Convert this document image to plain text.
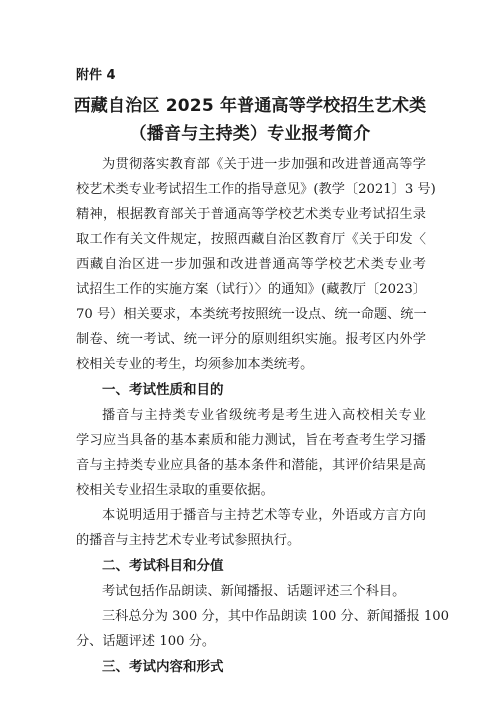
附件 4
西藏自治区 2025 年普通高等学校招生艺术类
（播音与主持类）专业报考简介
为贯彻落实教育部《关于进一步加强和改进普通高等学
校艺术类专业考试招生工作的指导意见》(教学〔2021〕3 号)
精神，根据教育部关于普通高等学校艺术类专业考试招生录
取工作有关文件规定，按照西藏自治区教育厅《关于印发〈
西藏自治区进一步加强和改进普通高等学校艺术类专业考
试招生工作的实施方案（试行）〉的通知》(藏教厅〔2023〕
70 号）相关要求，本类统考按照统一设点、统一命题、统一
制卷、统一考试、统一评分的原则组织实施。报考区内外学
校相关专业的考生，均须参加本类统考。
一、考试性质和目的
播音与主持类专业省级统考是考生进入高校相关专业
学习应当具备的基本素质和能力测试，旨在考查考生学习播
音与主持类专业应具备的基本条件和潜能，其评价结果是高
校相关专业招生录取的重要依据。
本说明适用于播音与主持艺术等专业，外语或方言方向
的播音与主持艺术专业考试参照执行。
二、考试科目和分值
考试包括作品朗读、新闻播报、话题评述三个科目。
三科总分为 300 分，其中作品朗读 100 分、新闻播报 100
分、话题评述 100 分。
三、考试内容和形式
